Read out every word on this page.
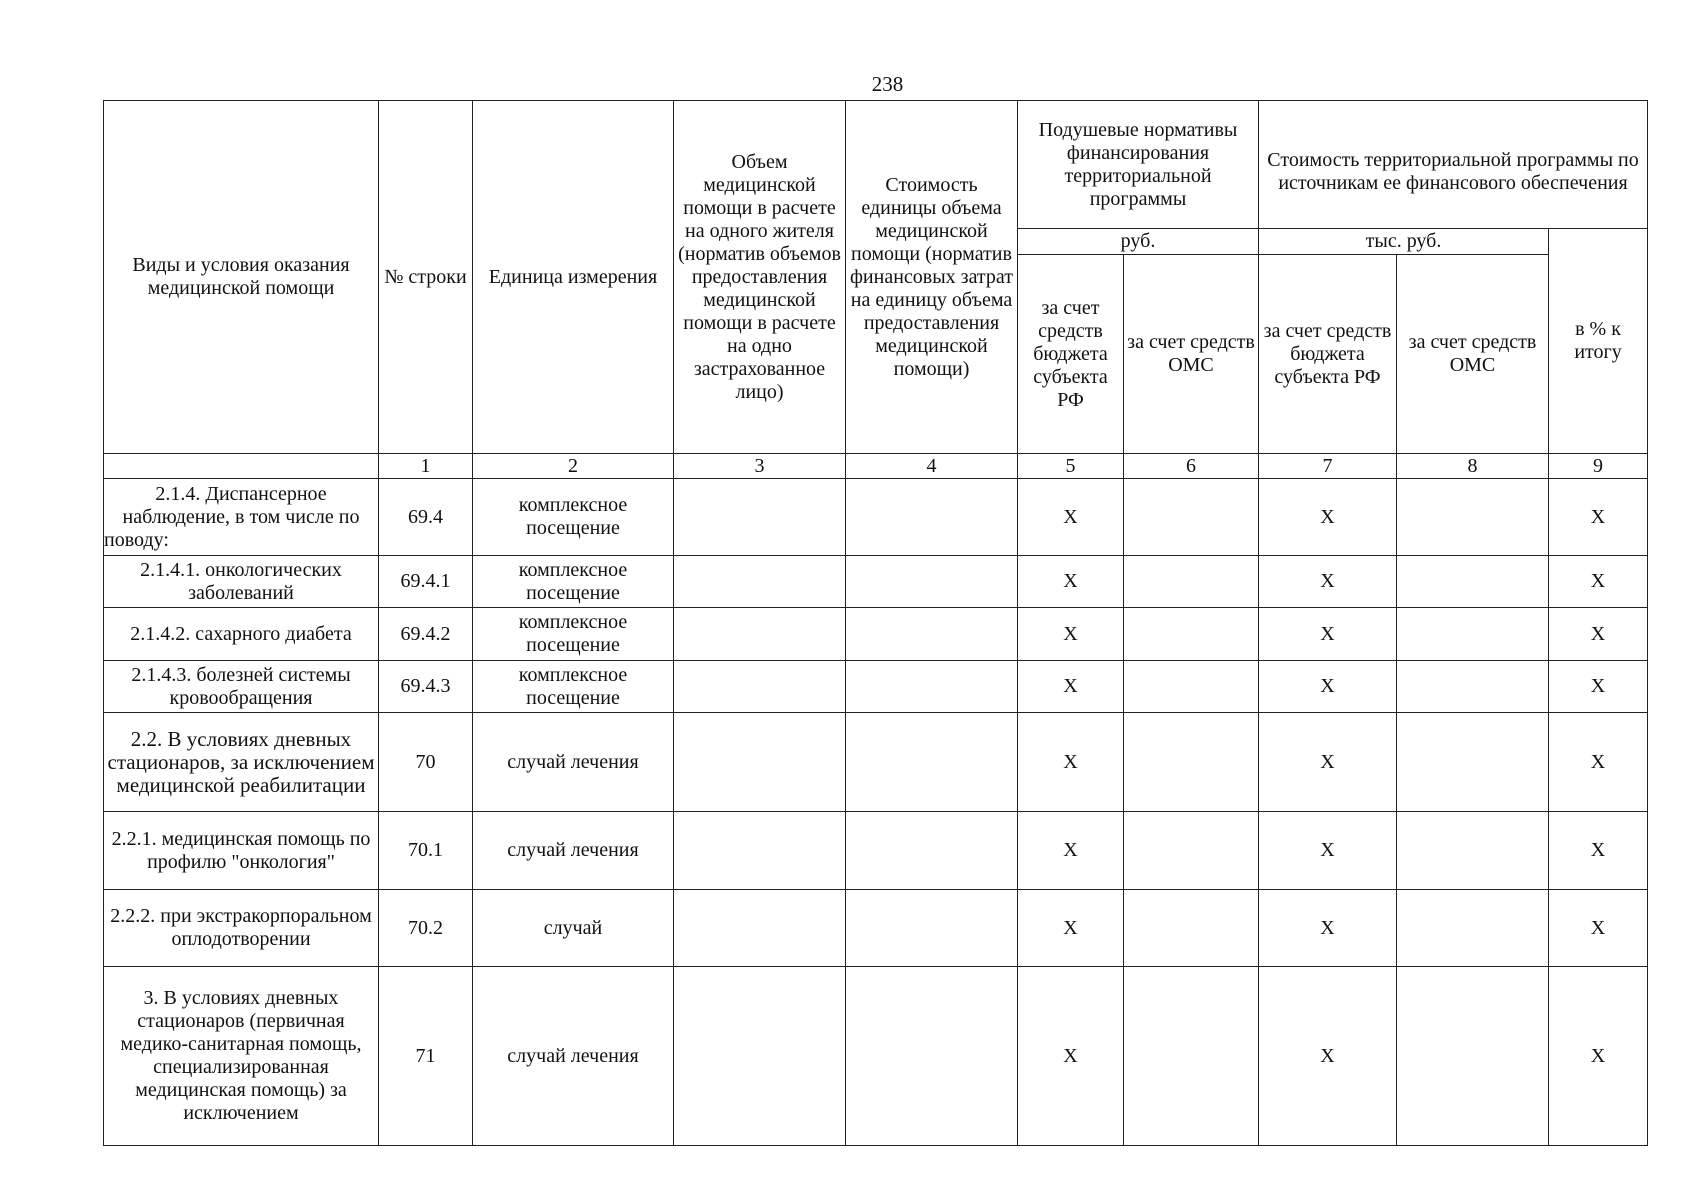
238
Виды и условия оказания медицинской помощи	№ строки	Единица измерения	Объем медицинской помощи в расчете на одного жителя (норматив объемов предоставления медицинской помощи в расчете на одно застрахованное лицо)	Стоимость единицы объема медицинской помощи (норматив финансовых затрат на единицу объема предоставления медицинской помощи)	Подушевые нормативы финансирования территориальной программы		Стоимость территориальной программы по источникам ее финансового обеспечения		
					руб.		тыс. руб.		в % к итогу
					за счет средств бюджета субъекта РФ	за счет средств ОМС	за счет средств бюджета субъекта РФ	за счет средств ОМС	
	1	2	3	4	5	6	7	8	9
2.1.4. Диспансерное наблюдение, в том числе по поводу:	69.4	комплексное посещение			X		X		X
2.1.4.1. онкологических заболеваний	69.4.1	комплексное посещение			X		X		X
2.1.4.2. сахарного диабета	69.4.2	комплексное посещение			X		X		X
2.1.4.3. болезней системы кровообращения	69.4.3	комплексное посещение			X		X		X
2.2. В условиях дневных стационаров, за исключением медицинской реабилитации	70	случай лечения			X		X		X
2.2.1. медицинская помощь по профилю "онкология"	70.1	случай лечения			X		X		X
2.2.2. при экстракорпоральном оплодотворении	70.2	случай			X		X		X
3. В условиях дневных стационаров (первичная медико-санитарная помощь, специализированная медицинская помощь) за исключением	71	случай лечения			X		X		X
